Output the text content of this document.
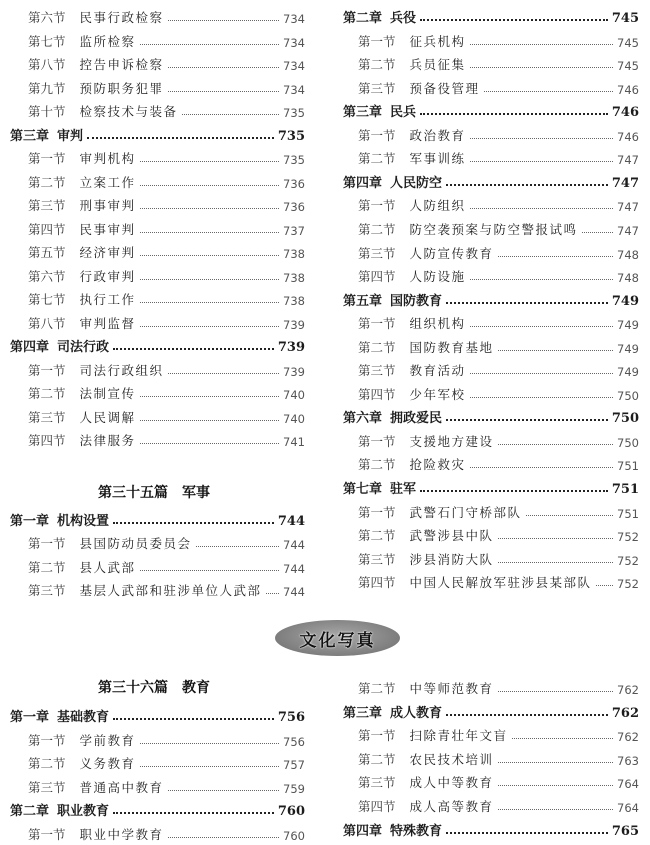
第六节 民事行政检察	734
第七节 监所检察	734
第八节 控告申诉检察	734
第九节 预防职务犯罪	734
第十节 检察技术与装备	735
第三章 审判	735
第一节 审判机构	735
第二节 立案工作	736
第三节 刑事审判	736
第四节 民事审判	737
第五节 经济审判	738
第六节 行政审判	738
第七节 执行工作	738
第八节 审判监督	739
第四章 司法行政	739
第一节 司法行政组织	739
第二节 法制宣传	740
第三节 人民调解	740
第四节 法律服务	741
第一章 机构设置	744
第一节 县国防动员委员会	744
第二节 县人武部	744
第三节 基层人武部和驻涉单位人武部 744
第二章 兵役	745
第一节 征兵机构	745
第二节 兵员征集	745
第三节 预备役管理	746
第三章 民兵	746
第一节 政治教育	746
第二节 军事训练	747
第四章 人民防空	747
第一节 人防组织	747
第二节 防空袭预案与防空警报试鸣	747
第三节 人防宣传教育	748
第四节 人防设施	748
第五章 国防教育	749
第一节 组织机构	749
第二节 国防教育基地	749
第三节 教育活动	749
第四节 少年军校	750
第六章 拥政爱民	750
第一节 支援地方建设	750
第二节 抢险救灾	751
第七章 驻军	751
第一节 武警石门守桥部队	751
第二节 武警涉县中队	752
第三节 涉县消防大队	752
第四节 中国人民解放军驻涉县某部队 752
第一章 基础教育	756
第一节 学前教育	756
第二节 义务教育	757
第三节 普通高中教育	759
第二章 职业教育	760
第一节 职业中学教育	760
第二节 中等师范教育	762
第三章 成人教育	762
第一节 扫除青壮年文盲	762
第二节 农民技术培训	763
第三节 成人中等教育	764
第四节 成人高等教育	764
第四章 特殊教育	765
第三十五篇　军事
文化写真
第三十六篇　教育
